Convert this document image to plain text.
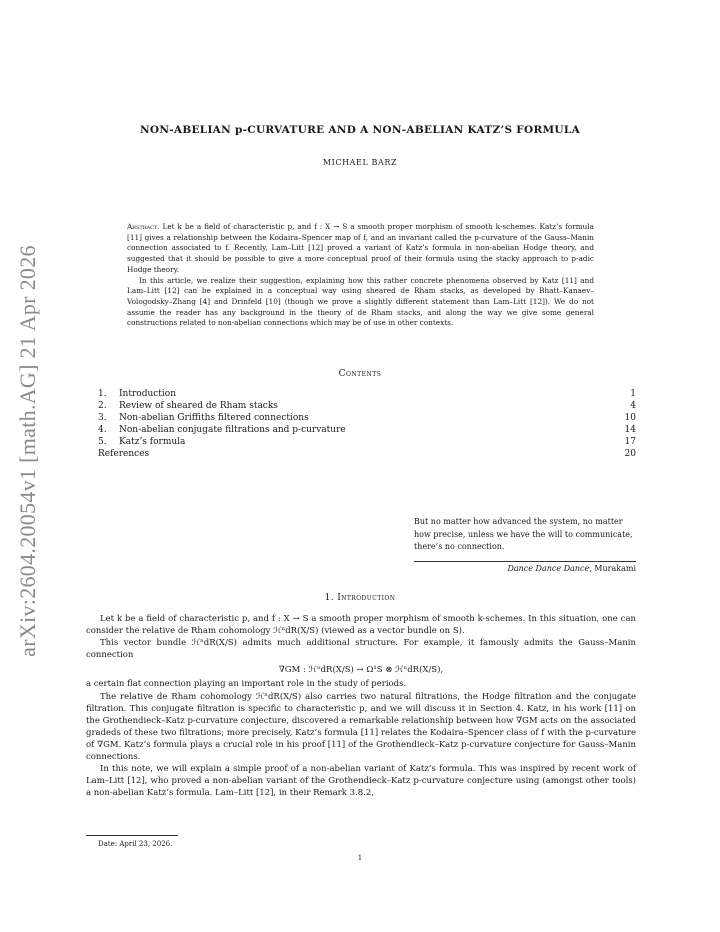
arXiv:2604.20054v1 [math.AG] 21 Apr 2026
NON-ABELIAN p-CURVATURE AND A NON-ABELIAN KATZ’S FORMULA
MICHAEL BARZ

Abstract. Let k be a field of characteristic p, and f : X → S a smooth proper morphism of smooth k-schemes. Katz’s formula [11] gives a relationship between the Kodaira–Spencer map of f, and an invariant called the p-curvature of the Gauss–Manin connection associated to f. Recently, Lam–Litt [12] proved a variant of Katz’s formula in non-abelian Hodge theory, and suggested that it should be possible to give a more conceptual proof of their formula using the stacky approach to p-adic Hodge theory.

In this article, we realize their suggestion, explaining how this rather concrete phenomena observed by Katz [11] and Lam–Litt [12] can be explained in a conceptual way using sheared de Rham stacks, as developed by Bhatt–Kanaev–Vologodsky–Zhang [4] and Drinfeld [10] (though we prove a slightly different statement than Lam–Litt [12]). We do not assume the reader has any background in the theory of de Rham stacks, and along the way we give some general constructions related to non-abelian connections which may be of use in other contexts.

Contents
1. Introduction	1
2. Review of sheared de Rham stacks	4
3. Non-abelian Griffiths filtered connections	10
4. Non-abelian conjugate filtrations and p-curvature	14
5. Katz’s formula	17
References	20
But no matter how advanced the system, no matter how precise, unless we have the will to communicate, there’s no connection.
Dance Dance Dance, Murakami
1. Introduction

Let k be a field of characteristic p, and f : X → S a smooth proper morphism of smooth k-schemes. In this situation, one can consider the relative de Rham cohomology ℋⁿdR(X/S) (viewed as a vector bundle on S).

This vector bundle ℋⁿdR(X/S) admits much additional structure. For example, it famously admits the Gauss–Manin connection

∇GM : ℋⁿdR(X/S) → Ω¹S ⊗ ℋⁿdR(X/S),

a certain flat connection playing an important role in the study of periods.

The relative de Rham cohomology ℋⁿdR(X/S) also carries two natural filtrations, the Hodge filtration and the conjugate filtration. This conjugate filtration is specific to characteristic p, and we will discuss it in Section 4. Katz, in his work [11] on the Grothendieck–Katz p-curvature conjecture, discovered a remarkable relationship between how ∇GM acts on the associated gradeds of these two filtrations; more precisely, Katz’s formula [11] relates the Kodaira–Spencer class of f with the p-curvature of ∇GM. Katz’s formula plays a crucial role in his proof [11] of the Grothendieck–Katz p-curvature conjecture for Gauss–Manin connections.

In this note, we will explain a simple proof of a non-abelian variant of Katz’s formula. This was inspired by recent work of Lam–Litt [12], who proved a non-abelian variant of the Grothendieck–Katz p-curvature conjecture using (amongst other tools) a non-abelian Katz’s formula. Lam–Litt [12], in their Remark 3.8.2,

Date: April 23, 2026.
1
